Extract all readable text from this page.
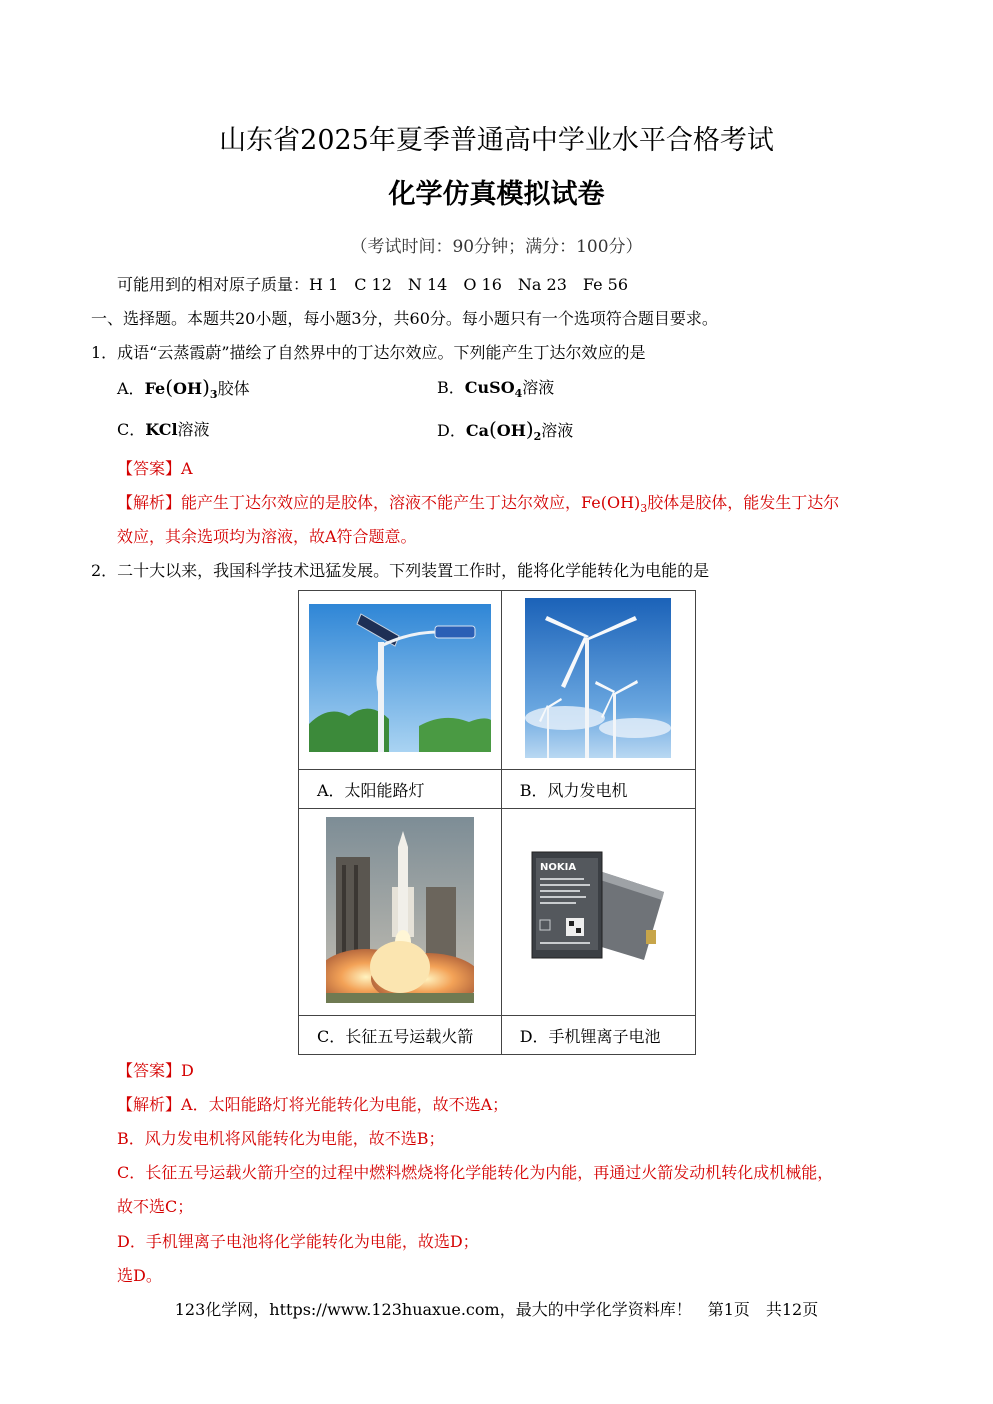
山东省2025年夏季普通高中学业水平合格考试
化学仿真模拟试卷
（考试时间：90分钟；满分：100分）
可能用到的相对原子质量：H 1　C 12　N 14　O 16　Na 23　Fe 56
一、选择题。本题共20小题，每小题3分，共60分。每小题只有一个选项符合题目要求。
1．成语“云蒸霞蔚”描绘了自然界中的丁达尔效应。下列能产生丁达尔效应的是
A．$Fe(OH)_3$胶体	B．CuSO$_4$溶液
C．KCl溶液	D．$Ca(OH)_2$溶液
【答案】A
【解析】能产生丁达尔效应的是胶体，溶液不能产生丁达尔效应，$Fe(OH)_3$胶体是胶体，能发生丁达尔
效应，其余选项均为溶液，故A符合题意。
2．二十大以来，我国科学技术迅猛发展。下列装置工作时，能将化学能转化为电能的是

A．太阳能路灯	B．风力发电机

NOKIA

C．长征五号运载火箭	D．手机锂离子电池
【答案】D
【解析】A．太阳能路灯将光能转化为电能，故不选A；
B．风力发电机将风能转化为电能，故不选B；
C．长征五号运载火箭升空的过程中燃料燃烧将化学能转化为内能，再通过火箭发动机转化成机械能，
故不选C；
D．手机锂离子电池将化学能转化为电能，故选D；
选D。
123化学网，https://www.123huaxue.com，最大的中学化学资料库！　第1页　共12页
